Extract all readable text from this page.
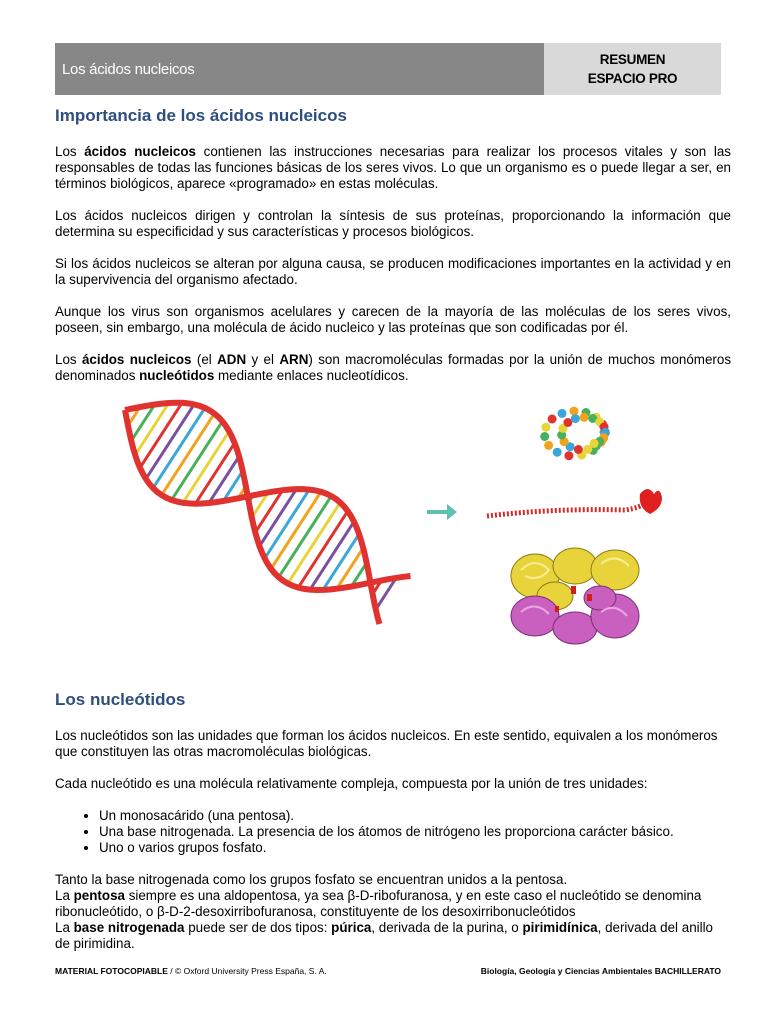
Los ácidos nucleicos
RESUMEN
ESPACIO PRO
Importancia de los ácidos nucleicos

Los ácidos nucleicos contienen las instrucciones necesarias para realizar los procesos vitales y son las responsables de todas las funciones básicas de los seres vivos. Lo que un organismo es o puede llegar a ser, en términos biológicos, aparece «programado» en estas moléculas.

Los ácidos nucleicos dirigen y controlan la síntesis de sus proteínas, proporcionando la información que determina su especificidad y sus características y procesos biológicos.

Si los ácidos nucleicos se alteran por alguna causa, se producen modificaciones importantes en la actividad y en la supervivencia del organismo afectado.

Aunque los virus son organismos acelulares y carecen de la mayoría de las moléculas de los seres vivos, poseen, sin embargo, una molécula de ácido nucleico y las proteínas que son codificadas por él.

Los ácidos nucleicos (el ADN y el ARN) son macromoléculas formadas por la unión de muchos monómeros denominados nucleótidos mediante enlaces nucleotídicos.

Los nucleótidos

Los nucleótidos son las unidades que forman los ácidos nucleicos. En este sentido, equivalen a los monómeros que constituyen las otras macromoléculas biológicas.

Cada nucleótido es una molécula relativamente compleja, compuesta por la unión de tres unidades:

• Un monosacárido (una pentosa).
• Una base nitrogenada. La presencia de los átomos de nitrógeno les proporciona carácter básico.
• Uno o varios grupos fosfato.
Tanto la base nitrogenada como los grupos fosfato se encuentran unidos a la pentosa.
La pentosa siempre es una aldopentosa, ya sea β-D-ribofuranosa, y en este caso el nucleótido se denomina ribonucleótido, o β-D-2-desoxirribofuranosa, constituyente de los desoxirribonucleótidos
La base nitrogenada puede ser de dos tipos: púrica, derivada de la purina, o pirimidínica, derivada del anillo de pirimidina.
MATERIAL FOTOCOPIABLE / © Oxford University Press España, S. A.	Biología, Geología y Ciencias Ambientales BACHILLERATO
